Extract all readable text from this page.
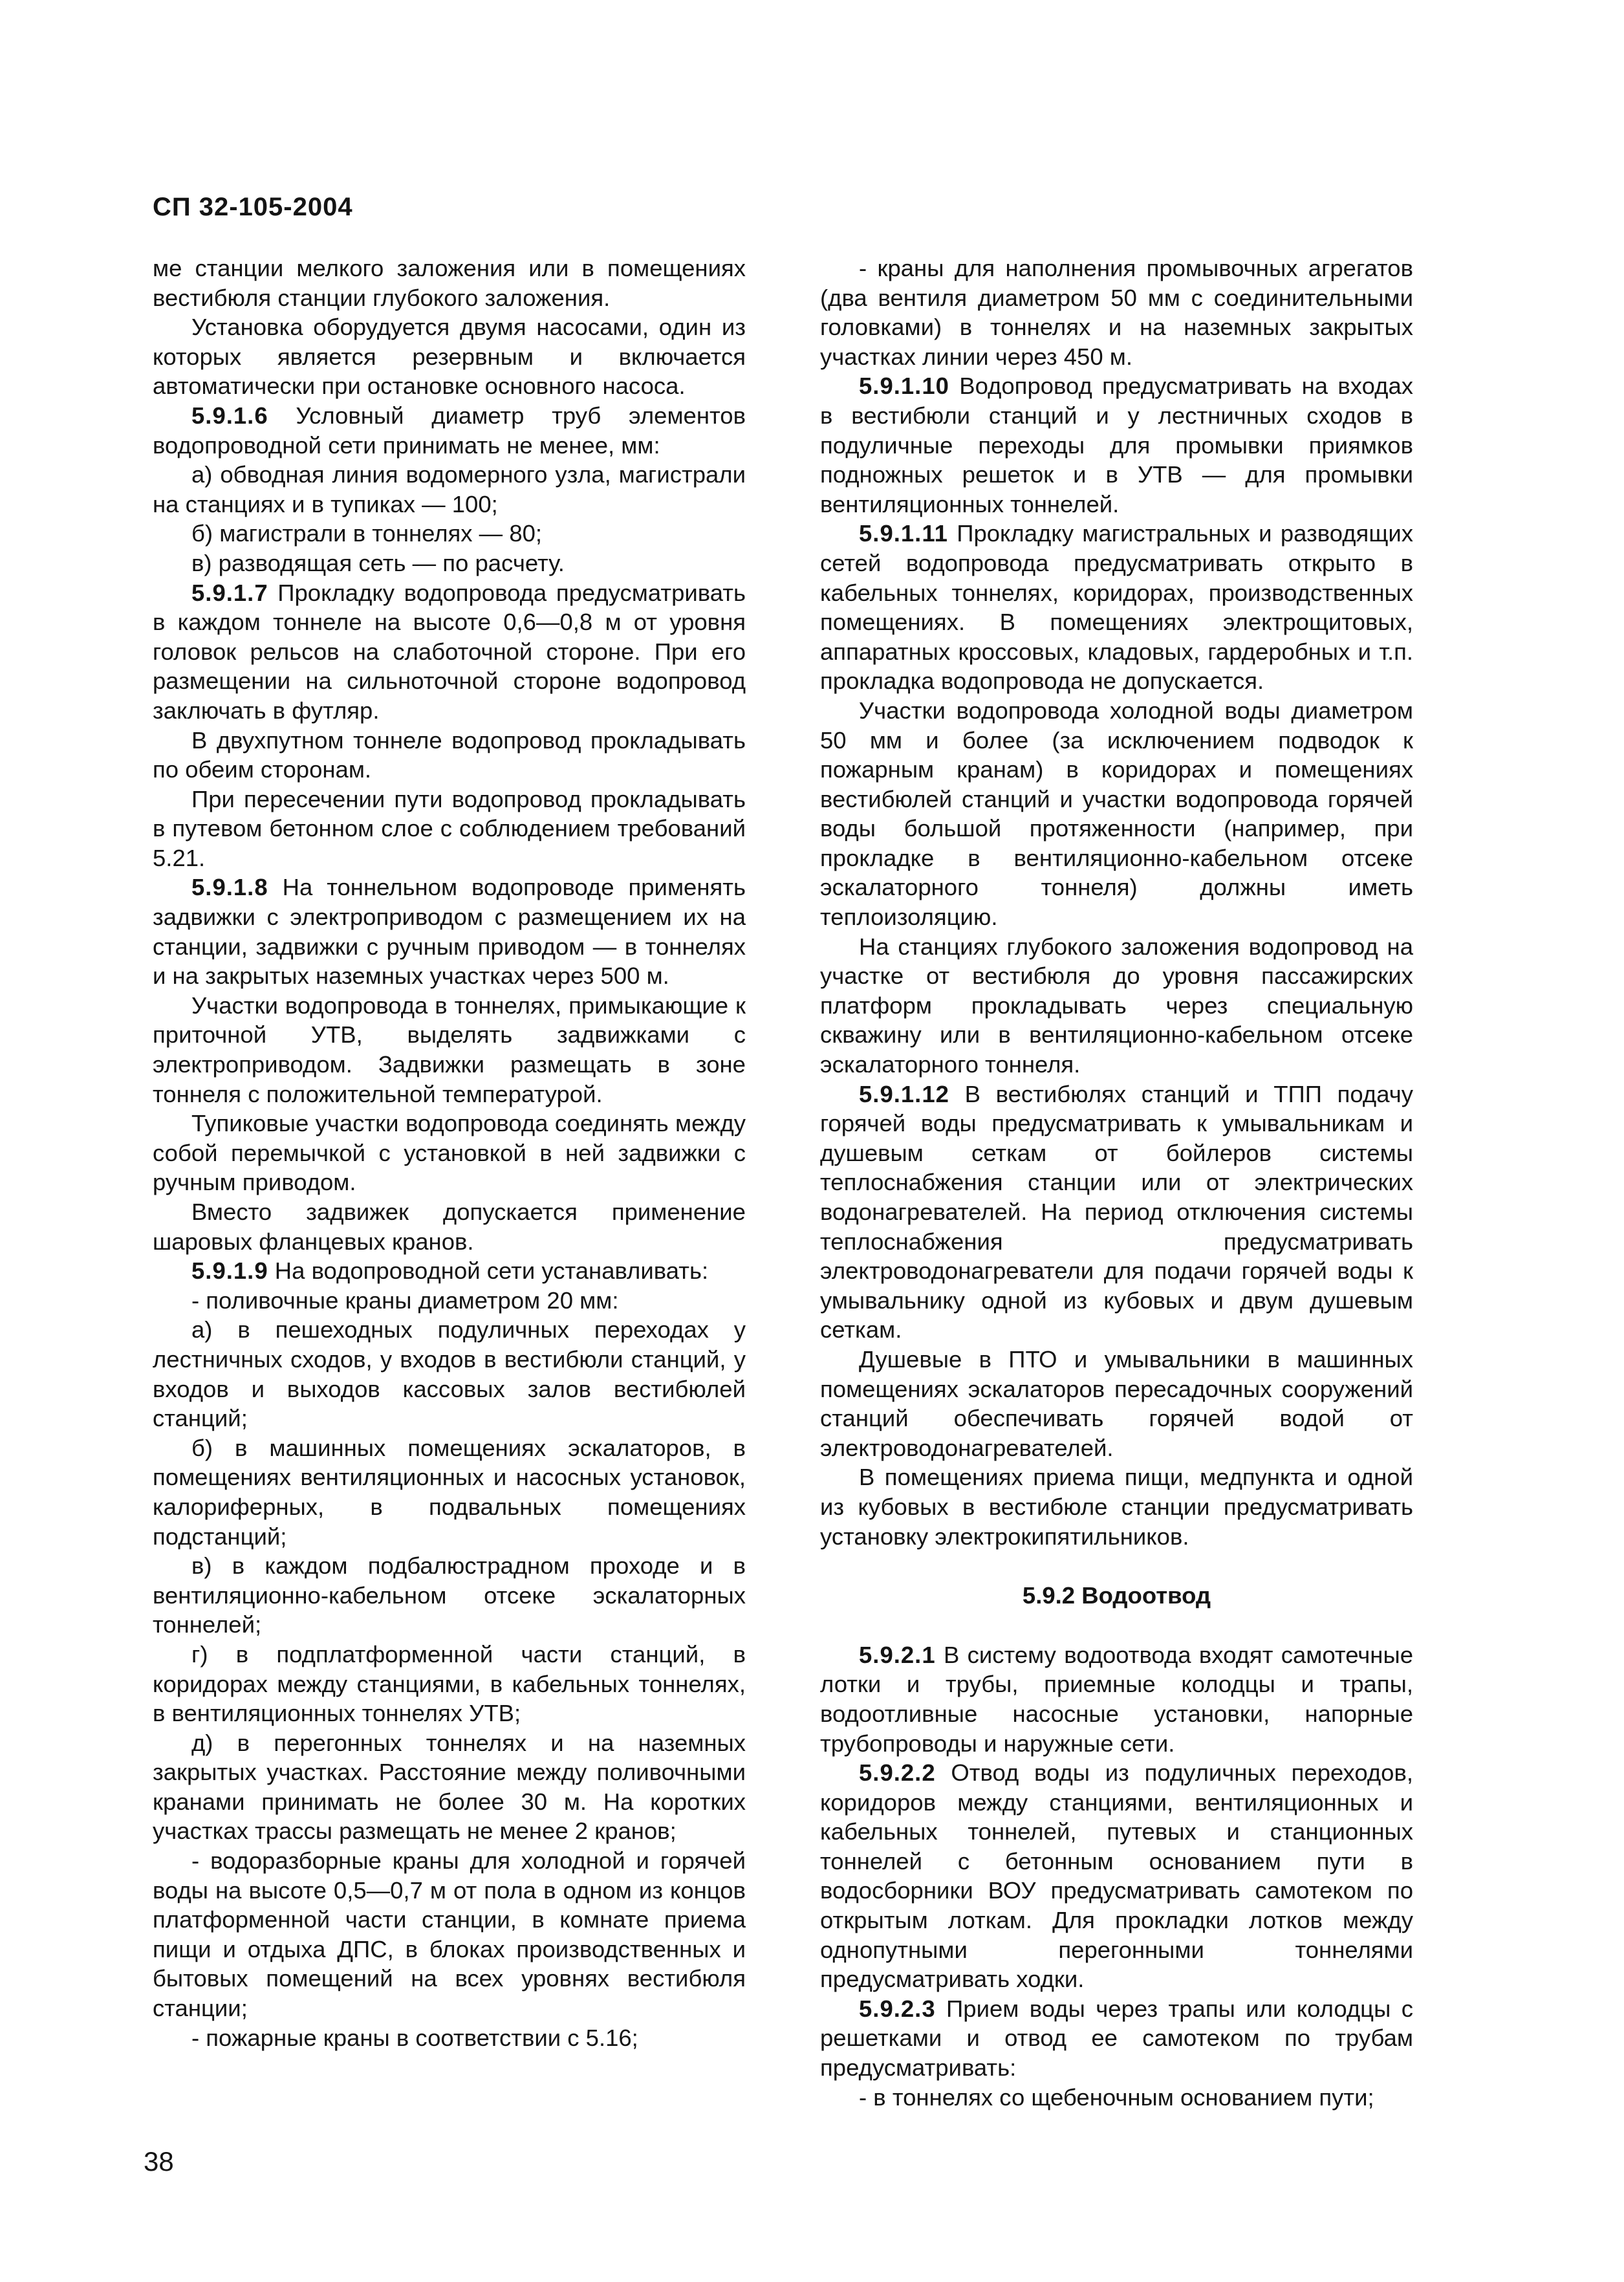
СП 32-105-2004

ме станции мелкого заложения или в помещениях вестибюля станции глубокого заложения.

Установка оборудуется двумя насосами, один из которых является резервным и включается автоматически при остановке основного насоса.

5.9.1.6 Условный диаметр труб элементов водопроводной сети принимать не менее, мм:

а) обводная линия водомерного узла, магистрали на станциях и в тупиках — 100;

б) магистрали в тоннелях — 80;

в) разводящая сеть — по расчету.

5.9.1.7 Прокладку водопровода предусматривать в каждом тоннеле на высоте 0,6—0,8 м от уровня головок рельсов на слаботочной стороне. При его размещении на сильноточной стороне водопровод заключать в футляр.

В двухпутном тоннеле водопровод прокладывать по обеим сторонам.

При пересечении пути водопровод прокладывать в путевом бетонном слое с соблюдением требований 5.21.

5.9.1.8 На тоннельном водопроводе применять задвижки с электроприводом с размещением их на станции, задвижки с ручным приводом — в тоннелях и на закрытых наземных участках через 500 м.

Участки водопровода в тоннелях, примыкающие к приточной УТВ, выделять задвижками с электроприводом. Задвижки размещать в зоне тоннеля с положительной температурой.

Тупиковые участки водопровода соединять между собой перемычкой с установкой в ней задвижки с ручным приводом.

Вместо задвижек допускается применение шаровых фланцевых кранов.

5.9.1.9 На водопроводной сети устанавливать:

- поливочные краны диаметром 20 мм:

а) в пешеходных подуличных переходах у лестничных сходов, у входов в вестибюли станций, у входов и выходов кассовых залов вестибюлей станций;

б) в машинных помещениях эскалаторов, в помещениях вентиляционных и насосных установок, калориферных, в подвальных помещениях подстанций;

в) в каждом подбалюстрадном проходе и в вентиляционно-кабельном отсеке эскалаторных тоннелей;

г) в подплатформенной части станций, в коридорах между станциями, в кабельных тоннелях, в вентиляционных тоннелях УТВ;

д) в перегонных тоннелях и на наземных закрытых участках. Расстояние между поливочными кранами принимать не более 30 м. На коротких участках трассы размещать не менее 2 кранов;

- водоразборные краны для холодной и горячей воды на высоте 0,5—0,7 м от пола в одном из концов платформенной части станции, в комнате приема пищи и отдыха ДПС, в блоках производственных и бытовых помещений на всех уровнях вестибюля станции;

- пожарные краны в соответствии с 5.16;

- краны для наполнения промывочных агрегатов (два вентиля диаметром 50 мм с соединительными головками) в тоннелях и на наземных закрытых участках линии через 450 м.

5.9.1.10 Водопровод предусматривать на входах в вестибюли станций и у лестничных сходов в подуличные переходы для промывки приямков подножных решеток и в УТВ — для промывки вентиляционных тоннелей.

5.9.1.11 Прокладку магистральных и разводящих сетей водопровода предусматривать открыто в кабельных тоннелях, коридорах, производственных помещениях. В помещениях электрощитовых, аппаратных кроссовых, кладовых, гардеробных и т.п. прокладка водопровода не допускается.

Участки водопровода холодной воды диаметром 50 мм и более (за исключением подводок к пожарным кранам) в коридорах и помещениях вестибюлей станций и участки водопровода горячей воды большой протяженности (например, при прокладке в вентиляционно-кабельном отсеке эскалаторного тоннеля) должны иметь теплоизоляцию.

На станциях глубокого заложения водопровод на участке от вестибюля до уровня пассажирских платформ прокладывать через специальную скважину или в вентиляционно-кабельном отсеке эскалаторного тоннеля.

5.9.1.12 В вестибюлях станций и ТПП подачу горячей воды предусматривать к умывальникам и душевым сеткам от бойлеров системы теплоснабжения станции или от электрических водонагревателей. На период отключения системы теплоснабжения предусматривать электроводонагреватели для подачи горячей воды к умывальнику одной из кубовых и двум душевым сеткам.

Душевые в ПТО и умывальники в машинных помещениях эскалаторов пересадочных сооружений станций обеспечивать горячей водой от электроводонагревателей.

В помещениях приема пищи, медпункта и одной из кубовых в вестибюле станции предусматривать установку электрокипятильников.

5.9.2 Водоотвод

5.9.2.1 В систему водоотвода входят самотечные лотки и трубы, приемные колодцы и трапы, водоотливные насосные установки, напорные трубопроводы и наружные сети.

5.9.2.2 Отвод воды из подуличных переходов, коридоров между станциями, вентиляционных и кабельных тоннелей, путевых и станционных тоннелей с бетонным основанием пути в водосборники ВОУ предусматривать самотеком по открытым лоткам. Для прокладки лотков между однопутными перегонными тоннелями предусматривать ходки.

5.9.2.3 Прием воды через трапы или колодцы с решетками и отвод ее самотеком по трубам предусматривать:

- в тоннелях со щебеночным основанием пути;

38
